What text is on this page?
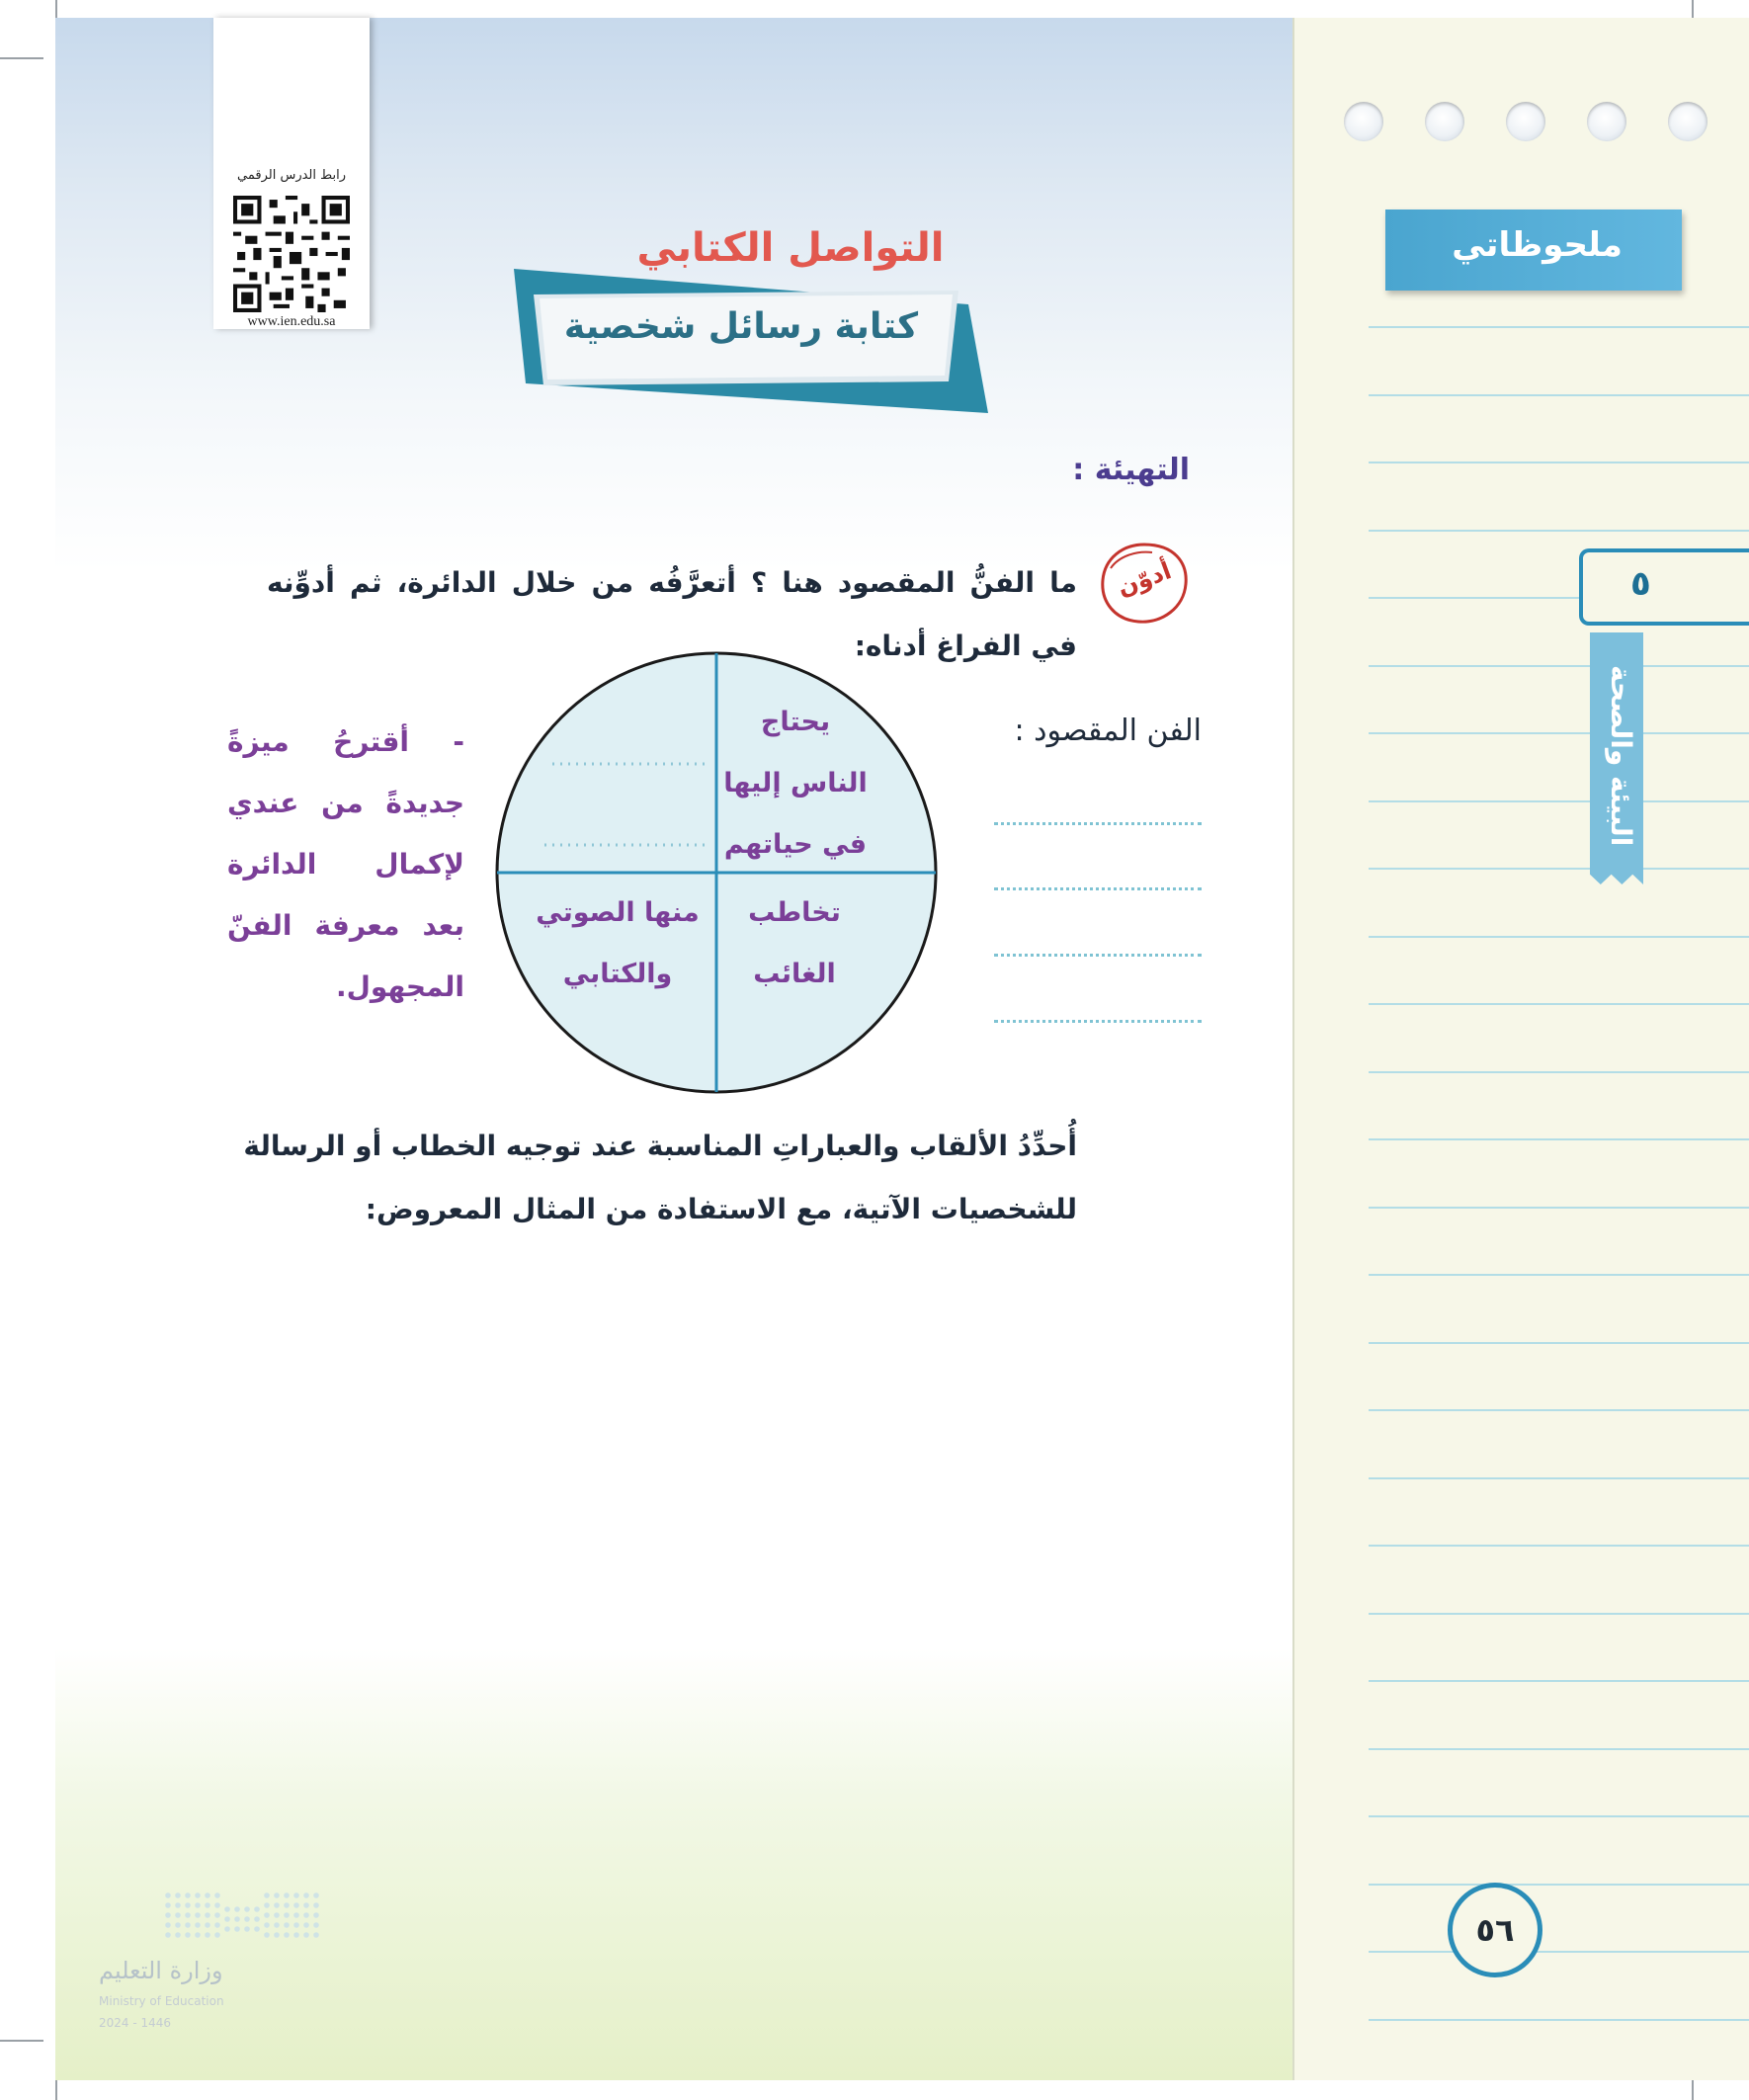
ملحوظاتي
٥
البيئة والصحة
٥٦
رابط الدرس الرقمي
www.ien.edu.sa
التواصل الكتابي
كتابة رسائل شخصية
التهيئة :
أدوّن
ما الفنُّ المقصود هنا ؟ أتعرَّفُه من خلال الدائرة، ثم أدوِّنه في الفراغ أدناه:
الفن المقصود :
يحتاج الناس إليها في حياتهم
تخاطب الغائب
منها الصوتي والكتابي
- أقترحُ ميزةً جديدةً من عندي لإكمال الدائرة بعد معرفة الفنّ المجهول.
أُحدِّدُ الألقاب والعباراتِ المناسبة عند توجيه الخطاب أو الرسالة للشخصيات الآتية، مع الاستفادة من المثال المعروض:
وزارة التعليم
Ministry of Education
2024 - 1446
